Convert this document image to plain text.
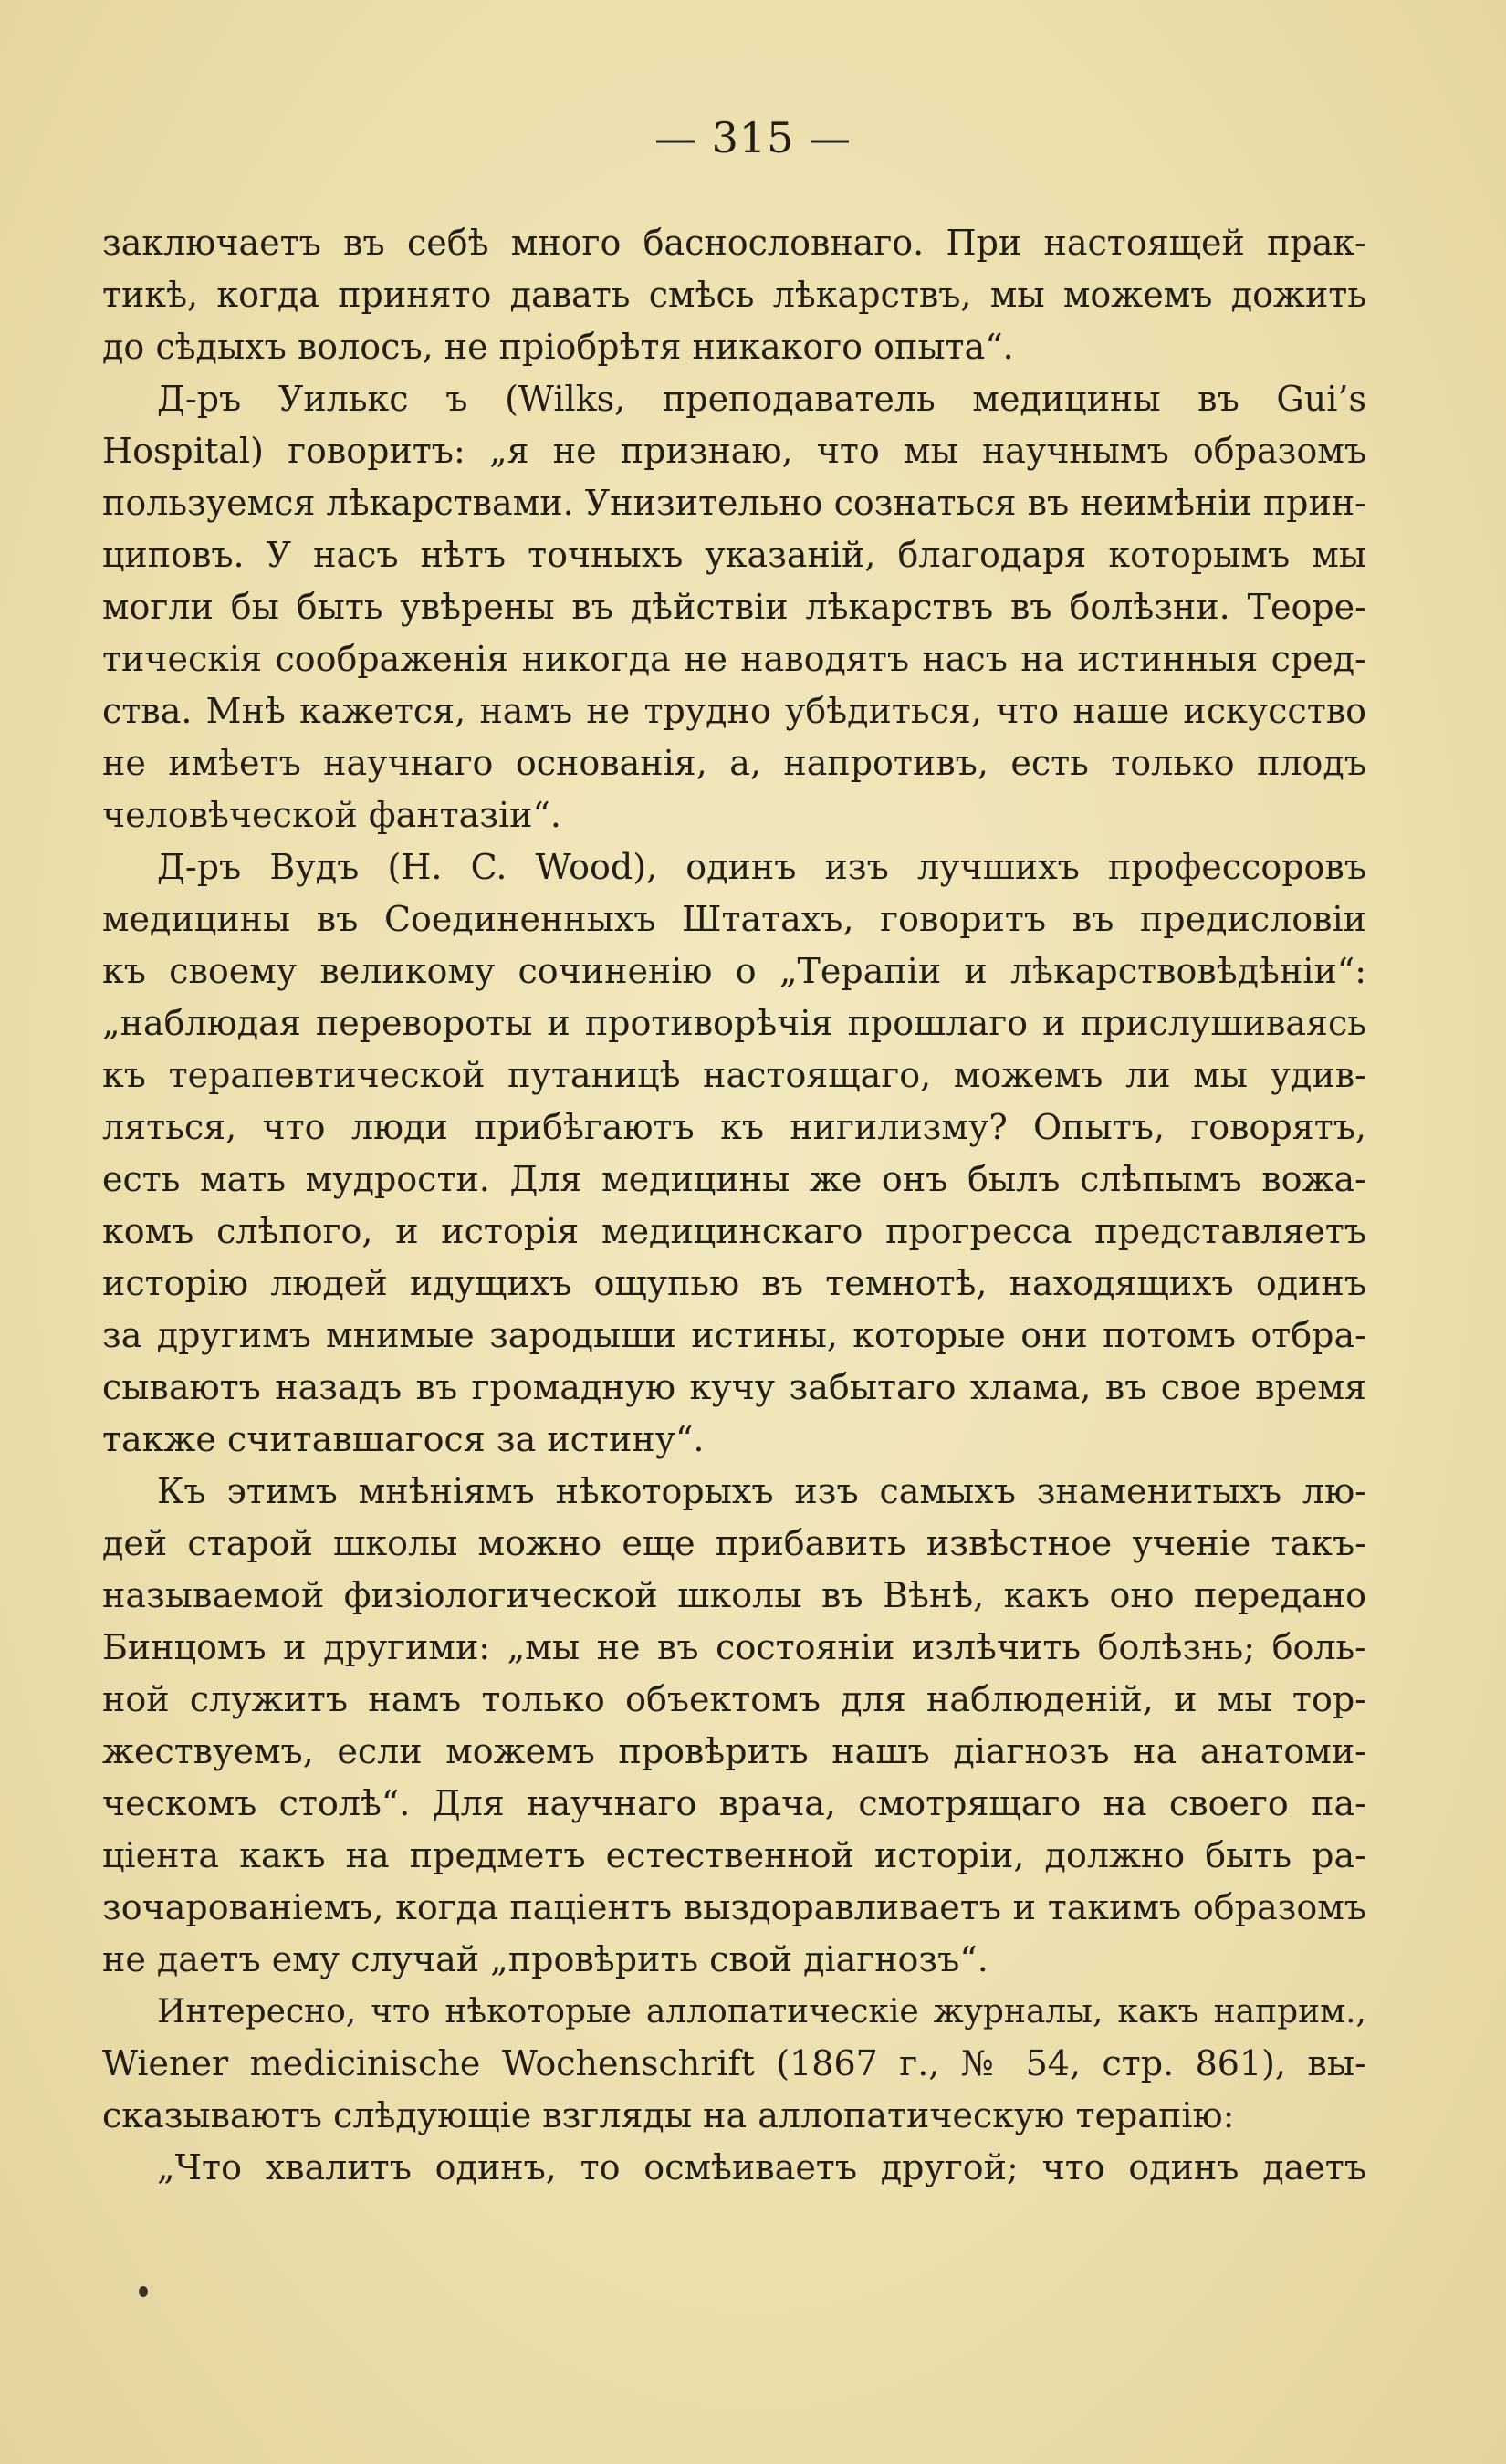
— 315 —
заключаетъ въ себѣ много баснословнаго. При настоящей прак-
тикѣ, когда принято давать смѣсь лѣкарствъ, мы можемъ дожить
до сѣдыхъ волосъ, не пріобрѣтя никакого опыта“.
Д-ръ Уилькс ъ (Wilks, преподаватель медицины въ Gui’s
Hospital) говоритъ: „я не признаю, что мы научнымъ образомъ
пользуемся лѣкарствами. Унизительно сознаться въ неимѣніи прин-
циповъ. У насъ нѣтъ точныхъ указаній, благодаря которымъ мы
могли бы быть увѣрены въ дѣйствіи лѣкарствъ въ болѣзни. Теоре-
тическія соображенія никогда не наводятъ насъ на истинныя сред-
ства. Мнѣ кажется, намъ не трудно убѣдиться, что наше искусство
не имѣетъ научнаго основанія, а, напротивъ, есть только плодъ
человѣческой фантазіи“.
Д-ръ Вудъ (H. C. Wood), одинъ изъ лучшихъ профессоровъ
медицины въ Соединенныхъ Штатахъ, говоритъ въ предисловіи
къ своему великому сочиненію о „Терапіи и лѣкарствовѣдѣніи“:
„наблюдая перевороты и противорѣчія прошлаго и прислушиваясь
къ терапевтической путаницѣ настоящаго, можемъ ли мы удив-
ляться, что люди прибѣгаютъ къ нигилизму? Опытъ, говорятъ,
есть мать мудрости. Для медицины же онъ былъ слѣпымъ вожа-
комъ слѣпого, и исторія медицинскаго прогресса представляетъ
исторію людей идущихъ ощупью въ темнотѣ, находящихъ одинъ
за другимъ мнимые зародыши истины, которые они потомъ отбра-
сываютъ назадъ въ громадную кучу забытаго хлама, въ свое время
также считавшагося за истину“.
Къ этимъ мнѣніямъ нѣкоторыхъ изъ самыхъ знаменитыхъ лю-
дей старой школы можно еще прибавить извѣстное ученіе такъ-
называемой физіологической школы въ Вѣнѣ, какъ оно передано
Бинцомъ и другими: „мы не въ состояніи излѣчить болѣзнь; боль-
ной служитъ намъ только объектомъ для наблюденій, и мы тор-
жествуемъ, если можемъ провѣрить нашъ діагнозъ на анатоми-
ческомъ столѣ“. Для научнаго врача, смотрящаго на своего па-
ціента какъ на предметъ естественной исторіи, должно быть ра-
зочарованіемъ, когда паціентъ выздоравливаетъ и такимъ образомъ
не даетъ ему случай „провѣрить свой діагнозъ“.
Интересно, что нѣкоторые аллопатическіе журналы, какъ наприм.,
Wiener medicinische Wochenschrift (1867 г., № 54, стр. 861), вы-
сказываютъ слѣдующіе взгляды на аллопатическую терапію:
„Что хвалитъ одинъ, то осмѣиваетъ другой; что одинъ даетъ
